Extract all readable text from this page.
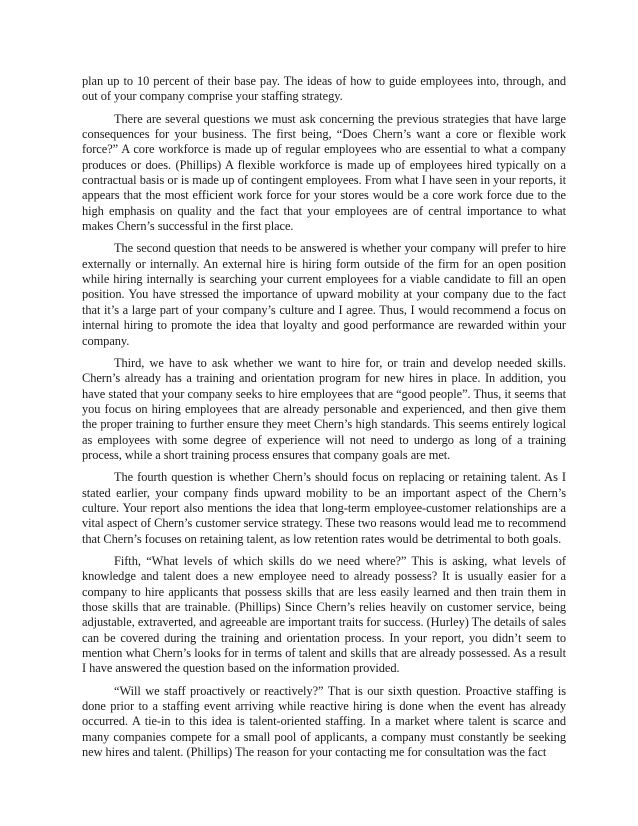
plan up to 10 percent of their base pay. The ideas of how to guide employees into, through, and out of your company comprise your staffing strategy.

There are several questions we must ask concerning the previous strategies that have large consequences for your business. The first being, “Does Chern’s want a core or flexible work force?” A core workforce is made up of regular employees who are essential to what a company produces or does. (Phillips) A flexible workforce is made up of employees hired typically on a contractual basis or is made up of contingent employees. From what I have seen in your reports, it appears that the most efficient work force for your stores would be a core work force due to the high emphasis on quality and the fact that your employees are of central importance to what makes Chern’s successful in the first place.

The second question that needs to be answered is whether your company will prefer to hire externally or internally. An external hire is hiring form outside of the firm for an open position while hiring internally is searching your current employees for a viable candidate to fill an open position. You have stressed the importance of upward mobility at your company due to the fact that it’s a large part of your company’s culture and I agree. Thus, I would recommend a focus on internal hiring to promote the idea that loyalty and good performance are rewarded within your company.

Third, we have to ask whether we want to hire for, or train and develop needed skills. Chern’s already has a training and orientation program for new hires in place. In addition, you have stated that your company seeks to hire employees that are “good people”. Thus, it seems that you focus on hiring employees that are already personable and experienced, and then give them the proper training to further ensure they meet Chern’s high standards. This seems entirely logical as employees with some degree of experience will not need to undergo as long of a training process, while a short training process ensures that company goals are met.

The fourth question is whether Chern’s should focus on replacing or retaining talent. As I stated earlier, your company finds upward mobility to be an important aspect of the Chern’s culture. Your report also mentions the idea that long-term employee-customer relationships are a vital aspect of Chern’s customer service strategy. These two reasons would lead me to recommend that Chern’s focuses on retaining talent, as low retention rates would be detrimental to both goals.

Fifth, “What levels of which skills do we need where?” This is asking, what levels of knowledge and talent does a new employee need to already possess? It is usually easier for a company to hire applicants that possess skills that are less easily learned and then train them in those skills that are trainable. (Phillips) Since Chern’s relies heavily on customer service, being adjustable, extraverted, and agreeable are important traits for success. (Hurley) The details of sales can be covered during the training and orientation process. In your report, you didn’t seem to mention what Chern’s looks for in terms of talent and skills that are already possessed. As a result I have answered the question based on the information provided.

“Will we staff proactively or reactively?” That is our sixth question. Proactive staffing is done prior to a staffing event arriving while reactive hiring is done when the event has already occurred. A tie-in to this idea is talent-oriented staffing. In a market where talent is scarce and many companies compete for a small pool of applicants, a company must constantly be seeking new hires and talent. (Phillips) The reason for your contacting me for consultation was the fact
